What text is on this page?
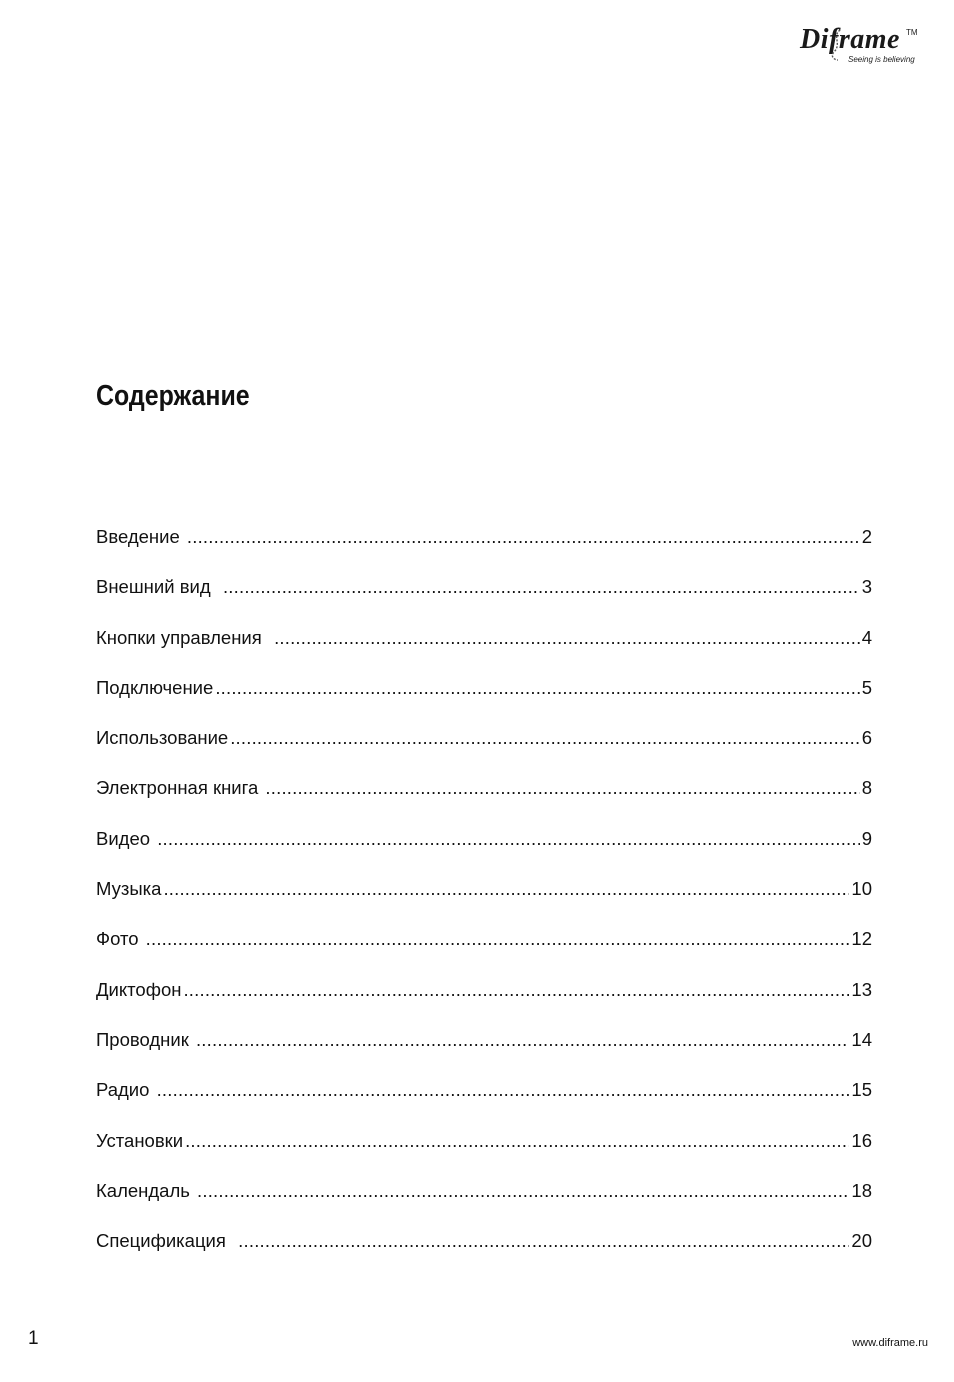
Diframe TM
Seeing is believing
Содержание
Введение .....	2
Внешний вид .....	3
Кнопки управления .....	4
Подключение .....	5
Использование .....	6
Электронная книга .....	8
Видео .....	9
Музыка .....	10
Фото .....	12
Диктофон .....	13
Проводник .....	14
Радио .....	15
Установки .....	16
Календаль .....	18
Спецификация .....	20
1	www.diframe.ru
